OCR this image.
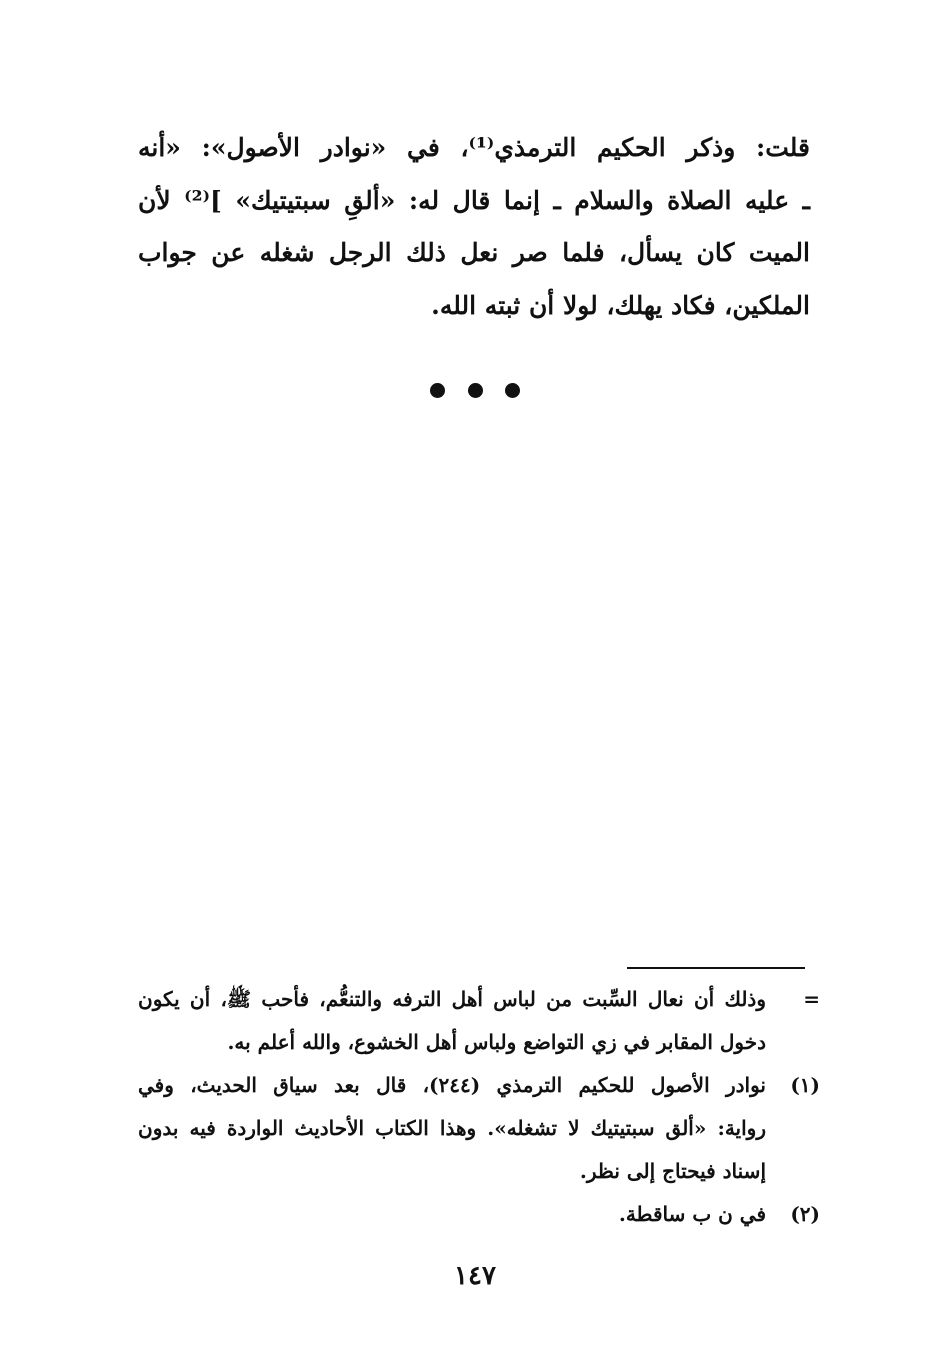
قلت: وذكر الحكيم الترمذي⁽¹⁾، في «نوادر الأصول»: «أنه
ـ عليه الصلاة والسلام ـ إنما قال له: «ألقِ سبتيتيك» ]⁽²⁾ لأن
الميت كان يسأل، فلما صر نعل ذلك الرجل شغله عن جواب
الملكين، فكاد يهلك، لولا أن ثبته الله.
=
وذلك أن نعال السِّبت من لباس أهل الترفه والتنعُّم، فأحب ﷺ، أن يكون
دخول المقابر في زي التواضع ولباس أهل الخشوع، والله أعلم به.
(١)
نوادر الأصول للحكيم الترمذي (٢٤٤)، قال بعد سياق الحديث، وفي
رواية: «ألق سبتيتيك لا تشغله». وهذا الكتاب الأحاديث الواردة فيه بدون
إسناد فيحتاج إلى نظر.
(٢)
في ن ب ساقطة.
١٤٧
